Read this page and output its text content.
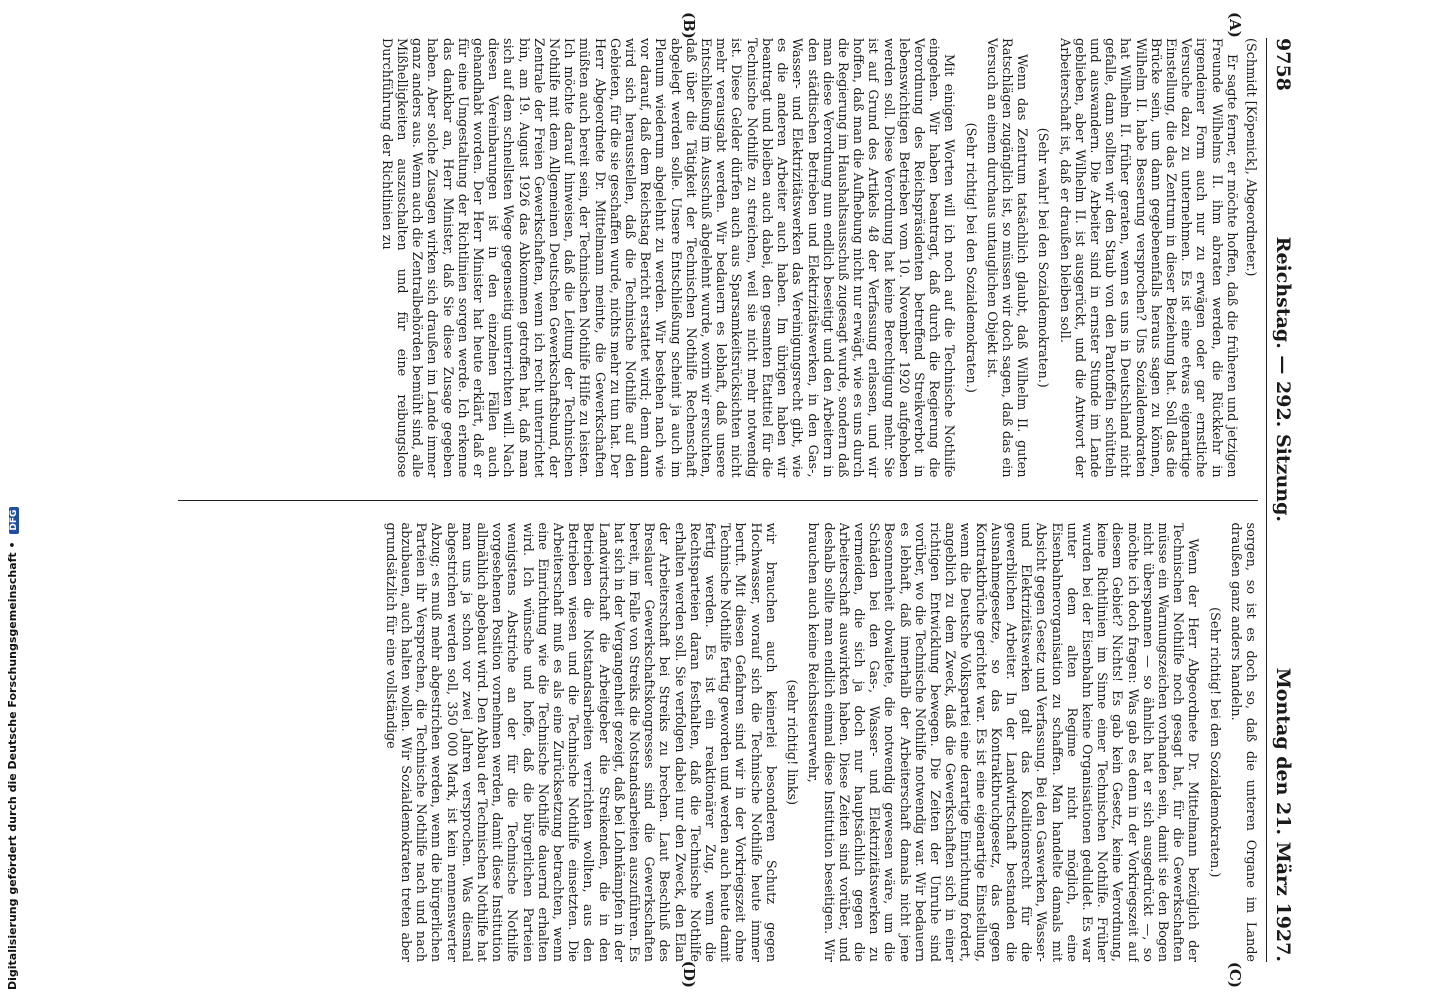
Digitalisierung gefördert durch die Deutsche Forschungsgemeinschaft • DFG
9758
Reichstag. — 292. Sitzung.
Montag den 21. März 1927.
(A)
(B)
(C)
(D)

(Schmidt [Köpenick], Abgeordneter.)

Er sagte ferner, er möchte hoffen, daß die früheren und jetzigen Freunde Wilhelms II. ihm abraten werden, die Rückkehr in irgendeiner Form auch nur zu erwägen oder gar ernstliche Versuche dazu zu unternehmen. Es ist eine etwas eigenartige Einstellung, die das Zentrum in dieser Beziehung hat. Soll das die Brücke sein, um dann gegebenenfalls heraus sagen zu können, Wilhelm II. habe Besserung versprochen? Uns Sozialdemokraten hat Wilhelm II. früher geraten, wenn es uns in Deutschland nicht gefalle, dann sollten wir den Staub von den Pantoffeln schütteln und auswandern. Die Arbeiter sind in ernster Stunde im Lande geblieben, aber Wilhelm II. ist ausgerückt, und die Antwort der Arbeiterschaft ist, daß er draußen bleiben soll.

(Sehr wahr! bei den Sozialdemokraten.)

Wenn das Zentrum tatsächlich glaubt, daß Wilhelm II. guten Ratschlägen zugänglich ist, so müssen wir doch sagen, daß das ein Versuch an einem durchaus untauglichen Objekt ist.

(Sehr richtig! bei den Sozialdemokraten.)

Mit einigen Worten will ich noch auf die Technische Nothilfe eingehen. Wir haben beantragt, daß durch die Regierung die Verordnung des Reichspräsidenten betreffend Streikverbot in lebenswichtigen Betrieben vom 10. November 1920 aufgehoben werden soll. Diese Verordnung hat keine Berechtigung mehr. Sie ist auf Grund des Artikels 48 der Verfassung erlassen, und wir hoffen, daß man die Aufhebung nicht nur erwägt, wie es uns durch die Regierung im Haushaltsausschuß zugesagt wurde, sondern daß man diese Verordnung nun endlich beseitigt und den Arbeitern in den städtischen Betrieben und Elektrizitätswerken, in den Gas-, Wasser- und Elektrizitätswerken das Vereinigungsrecht gibt, wie es die anderen Arbeiter auch haben. Im übrigen haben wir beantragt und bleiben auch dabei, den gesamten Etattitel für die Technische Nothilfe zu streichen, weil sie nicht mehr notwendig ist. Diese Gelder dürfen auch aus Sparsamkeitsrücksichten nicht mehr verausgabt werden. Wir bedauern es lebhaft, daß unsere Entschließung im Ausschuß abgelehnt wurde, worin wir ersuchten, daß über die Tätigkeit der Technischen Nothilfe Rechenschaft abgelegt werden solle. Unsere Entschließung scheint ja auch im Plenum wiederum abgelehnt zu werden. Wir bestehen nach wie vor darauf, daß dem Reichstag Bericht erstattet wird; denn dann wird sich herausstellen, daß die Technische Nothilfe auf den Gebieten, für die sie geschaffen wurde, nichts mehr zu tun hat. Der Herr Abgeordnete Dr. Mittelmann meinte, die Gewerkschaften müßten auch bereit sein, der Technischen Nothilfe Hilfe zu leisten. Ich möchte darauf hinweisen, daß die Leitung der Technischen Nothilfe mit dem Allgemeinen Deutschen Gewerkschaftsbund, der Zentrale der Freien Gewerkschaften, wenn ich recht unterrichtet bin, am 19. August 1926 das Abkommen getroffen hat, daß man sich auf dem schnellsten Wege gegenseitig unterrichten will. Nach diesen Vereinbarungen ist in den einzelnen Fällen auch gehandhabt worden. Der Herr Minister hat heute erklärt, daß er für eine Umgestaltung der Richtlinien sorgen werde. Ich erkenne das dankbar an, Herr Minister, daß Sie diese Zusage gegeben haben. Aber solche Zusagen wirken sich draußen im Lande immer ganz anders aus. Wenn auch die Zentralbehörden bemüht sind, alle Mißhelligkeiten auszuschalten und für eine reibungslose Durchführung der Richtlinien zu

sorgen, so ist es doch so, daß die unteren Organe im Lande draußen ganz anders handeln.

(Sehr richtig! bei den Sozialdemokraten.)

Wenn der Herr Abgeordnete Dr. Mittelmann bezüglich der Technischen Nothilfe noch gesagt hat, für die Gewerkschaften müsse ein Warnungszeichen vorhanden sein, damit sie den Bogen nicht überspannen — so ähnlich hat er sich ausgedrückt —, so möchte ich doch fragen: Was gab es denn in der Vorkriegszeit auf diesem Gebiet? Nichts! Es gab kein Gesetz, keine Verordnung, keine Richtlinien im Sinne einer Technischen Nothilfe. Früher wurden bei der Eisenbahn keine Organisationen geduldet. Es war unter dem alten Regime nicht möglich, eine Eisenbahnerorganisation zu schaffen. Man handelte damals mit Absicht gegen Gesetz und Verfassung. Bei den Gaswerken, Wasser- und Elektrizitätswerken galt das Koalitionsrecht für die gewerblichen Arbeiter. In der Landwirtschaft bestanden die Ausnahmegesetze, so das Kontraktbruchgesetz, das gegen Kontraktbrüche gerichtet war. Es ist eine eigenartige Einstellung, wenn die Deutsche Volkspartei eine derartige Einrichtung fordert, angeblich zu dem Zweck, daß die Gewerkschaften sich in einer richtigen Entwicklung bewegen. Die Zeiten der Unruhe sind vorüber, wo die Technische Nothilfe notwendig war. Wir bedauern es lebhaft, daß innerhalb der Arbeiterschaft damals nicht jene Besonnenheit obwaltete, die notwendig gewesen wäre, um die Schäden bei den Gas-, Wasser- und Elektrizitätswerken zu vermeiden, die sich ja doch nur hauptsächlich gegen die Arbeiterschaft auswirkten haben. Diese Zeiten sind vorüber, und deshalb sollte man endlich einmal diese Institution beseitigen. Wir brauchen auch keine Reichssteuerwehr,

(sehr richtig! links)

wir brauchen auch keinerlei besonderen Schutz gegen Hochwasser, worauf sich die Technische Nothilfe heute immer beruft. Mit diesen Gefahren sind wir in der Vorkriegszeit ohne Technische Nothilfe fertig geworden und werden auch heute damit fertig werden. Es ist ein reaktionärer Zug, wenn die Rechtsparteien daran festhalten, daß die Technische Nothilfe erhalten werden soll. Sie verfolgen dabei nur den Zweck, den Elan der Arbeiterschaft bei Streiks zu brechen. Laut Beschluß des Breslauer Gewerkschaftskongresses sind die Gewerkschaften bereit, im Falle von Streiks die Notstandsarbeiten auszuführen. Es hat sich in der Vergangenheit gezeigt, daß bei Lohnkämpfen in der Landwirtschaft die Arbeitgeber die Streikenden, die in den Betrieben die Notstandsarbeiten verrichten wollten, aus den Betrieben wiesen und die Technische Nothilfe einsetzten. Die Arbeiterschaft muß es als eine Zurücksetzung betrachten, wenn eine Einrichtung wie die Technische Nothilfe dauernd erhalten wird. Ich wünsche und hoffe, daß die bürgerlichen Parteien wenigstens Abstriche an der für die Technische Nothilfe vorgesehenen Position vornehmen werden, damit diese Institution allmählich abgebaut wird. Den Abbau der Technischen Nothilfe hat man uns ja schon vor zwei Jahren versprochen. Was diesmal abgestrichen werden soll, 350 000 Mark, ist kein nennenswerter Abzug; es muß mehr abgestrichen werden, wenn die bürgerlichen Parteien ihr Versprechen, die Technische Nothilfe nach und nach abzubauen, auch halten wollen. Wir Sozialdemokraten treten aber grundsätzlich für eine vollständige
